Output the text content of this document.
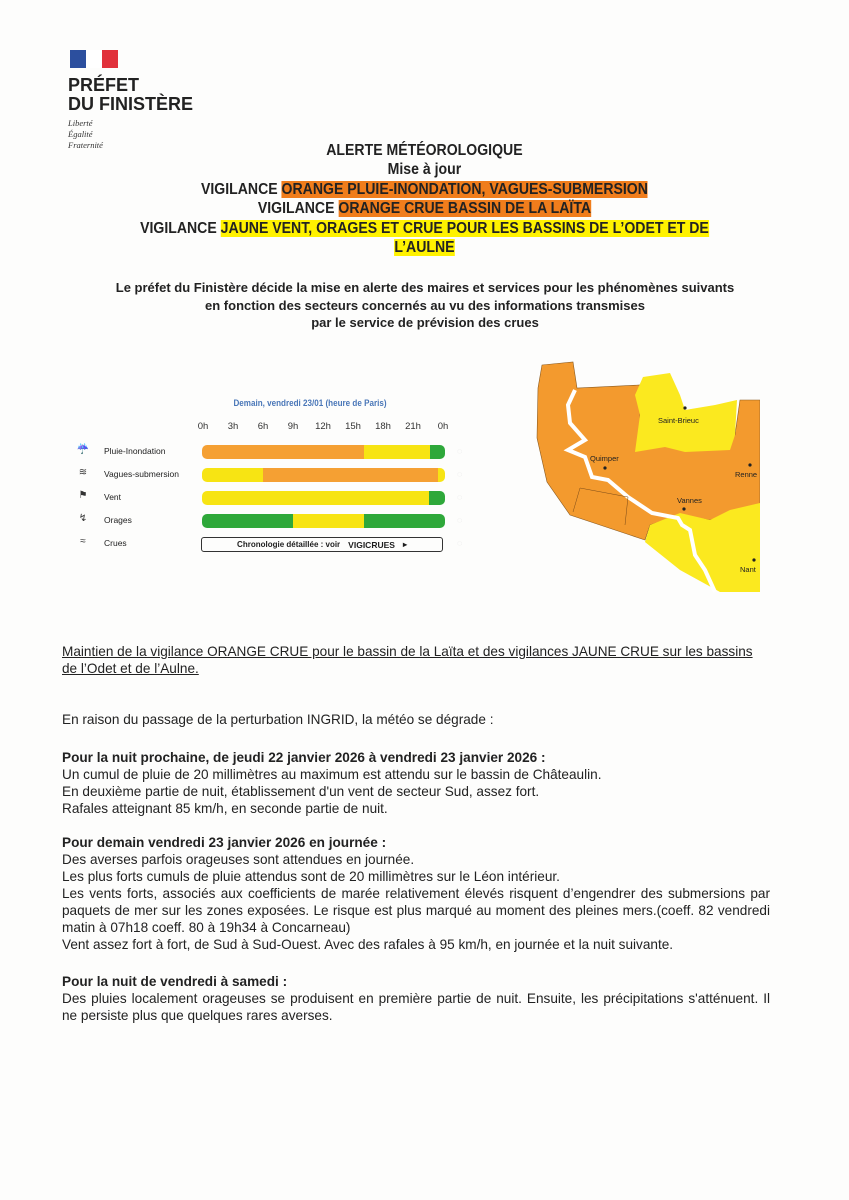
PRÉFET
DU FINISTÈRE
Liberté
Égalité
Fraternité	ALERTE MÉTÉOROLOGIQUE
Mise à jour
VIGILANCE ORANGE PLUIE-INONDATION, VAGUES-SUBMERSION
VIGILANCE ORANGE CRUE BASSIN DE LA LAÏTA
VIGILANCE JAUNE VENT, ORAGES ET CRUE POUR LES BASSINS DE L’ODET ET DE
L’AULNE
Le préfet du Finistère décide la mise en alerte des maires et services pour les phénomènes suivants
en fonction des secteurs concernés au vu des informations transmises
par le service de prévision des crues
Demain, vendredi 23/01 (heure de Paris)
0h	3h	6h	9h	12h 15h 18h 21h	0h
☔	Pluie-Inondation	◌
≋	Vagues-submersion	◌
⚑	Vent	◌
↯	Orages	◌
≈	Crues	◌
Chronologie détaillée : voir VIGICRUES ▸
Saint-Brieuc
Quimper
Renne
Vannes
Nant
Maintien de la vigilance ORANGE CRUE pour le bassin de la Laïta et des vigilances JAUNE CRUE sur les bassins de l’Odet et de l’Aulne.
En raison du passage de la perturbation INGRID, la météo se dégrade :

Pour la nuit prochaine, de jeudi 22 janvier 2026 à vendredi 23 janvier 2026 :

Un cumul de pluie de 20 millimètres au maximum est attendu sur le bassin de Châteaulin.

En deuxième partie de nuit, établissement d'un vent de secteur Sud, assez fort.

Rafales atteignant 85 km/h, en seconde partie de nuit.

Pour demain vendredi 23 janvier 2026 en journée :

Des averses parfois orageuses sont attendues en journée.

Les plus forts cumuls de pluie attendus sont de 20 millimètres sur le Léon intérieur.

Les vents forts, associés aux coefficients de marée relativement élevés risquent d’engendrer des submersions par paquets de mer sur les zones exposées. Le risque est plus marqué au moment des pleines mers.(coeff. 82 vendredi matin à 07h18 coeff. 80 à 19h34 à Concarneau)

Vent assez fort à fort, de Sud à Sud-Ouest. Avec des rafales à 95 km/h, en journée et la nuit suivante.

Pour la nuit de vendredi à samedi :

Des pluies localement orageuses se produisent en première partie de nuit. Ensuite, les précipitations s'atténuent. Il ne persiste plus que quelques rares averses.
